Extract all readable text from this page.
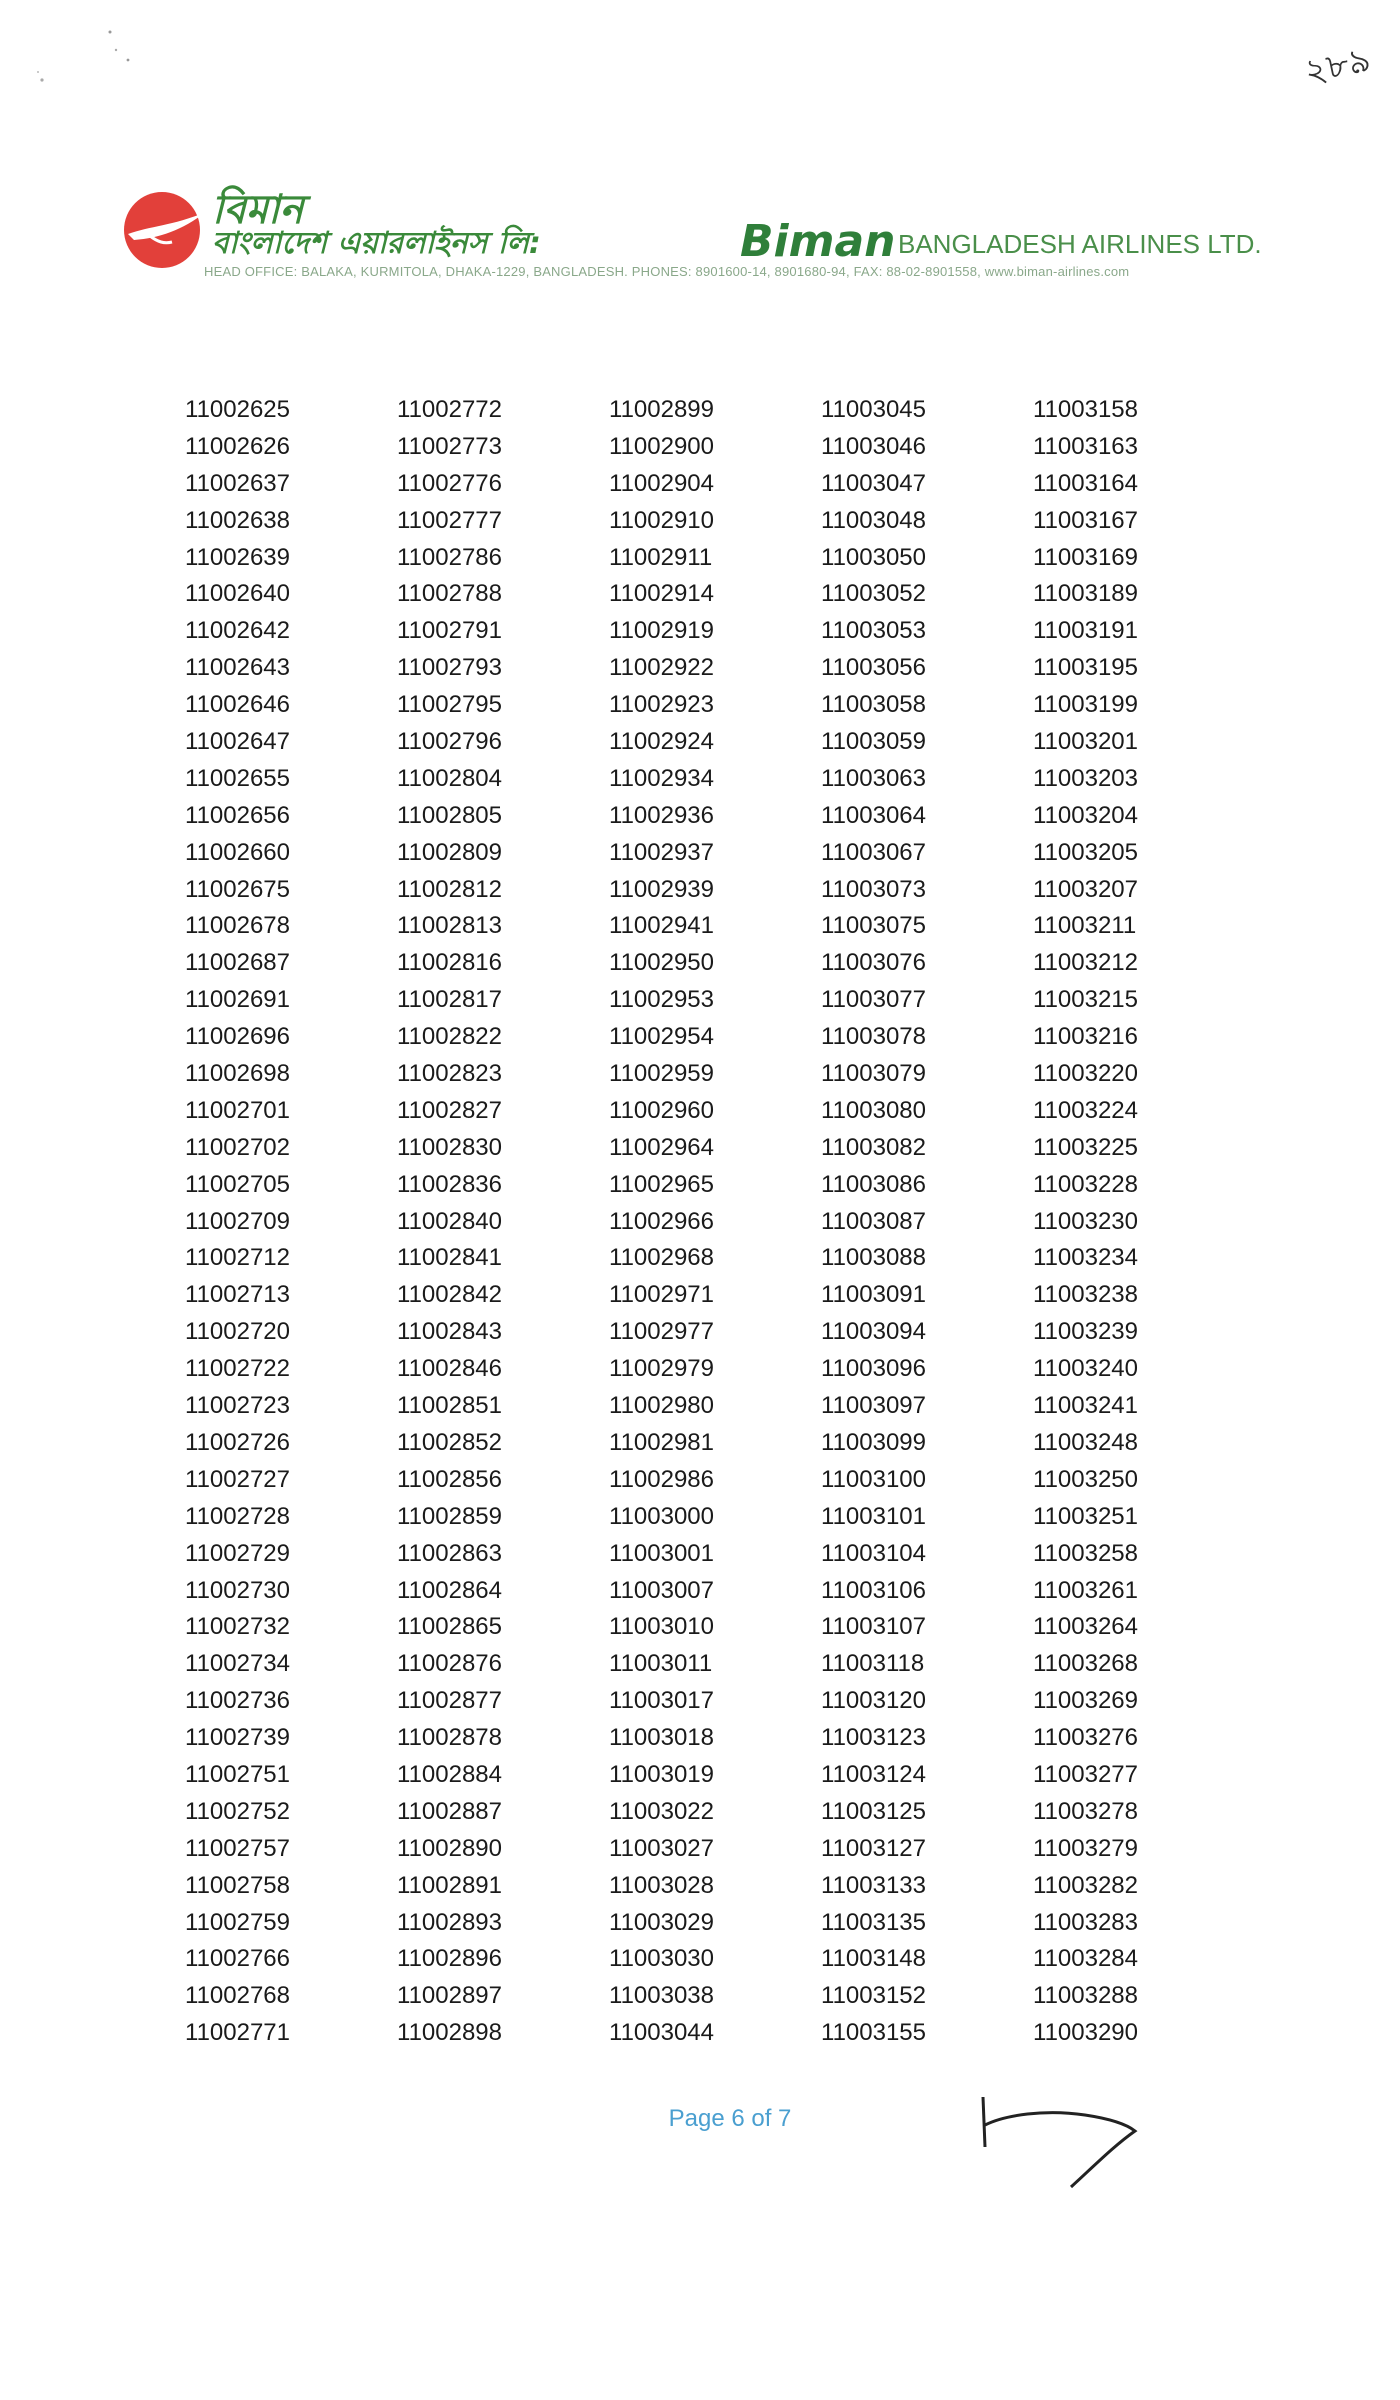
২৮৯
বিমান
বাংলাদেশ এয়ারলাইনস লি:	Biman BANGLADESH AIRLINES LTD.
HEAD OFFICE: BALAKA, KURMITOLA, DHAKA-1229, BANGLADESH. PHONES: 8901600-14, 8901680-94, FAX: 88-02-8901558, www.biman-airlines.com
11002625
11002626
11002637
11002638
11002639
11002640
11002642
11002643
11002646
11002647
11002655
11002656
11002660
11002675
11002678
11002687
11002691
11002696
11002698
11002701
11002702
11002705
11002709
11002712
11002713
11002720
11002722
11002723
11002726
11002727
11002728
11002729
11002730
11002732
11002734
11002736
11002739
11002751
11002752
11002757
11002758
11002759
11002766
11002768
11002771
11002772
11002773
11002776
11002777
11002786
11002788
11002791
11002793
11002795
11002796
11002804
11002805
11002809
11002812
11002813
11002816
11002817
11002822
11002823
11002827
11002830
11002836
11002840
11002841
11002842
11002843
11002846
11002851
11002852
11002856
11002859
11002863
11002864
11002865
11002876
11002877
11002878
11002884
11002887
11002890
11002891
11002893
11002896
11002897
11002898
11002899
11002900
11002904
11002910
11002911
11002914
11002919
11002922
11002923
11002924
11002934
11002936
11002937
11002939
11002941
11002950
11002953
11002954
11002959
11002960
11002964
11002965
11002966
11002968
11002971
11002977
11002979
11002980
11002981
11002986
11003000
11003001
11003007
11003010
11003011
11003017
11003018
11003019
11003022
11003027
11003028
11003029
11003030
11003038
11003044
11003045
11003046
11003047
11003048
11003050
11003052
11003053
11003056
11003058
11003059
11003063
11003064
11003067
11003073
11003075
11003076
11003077
11003078
11003079
11003080
11003082
11003086
11003087
11003088
11003091
11003094
11003096
11003097
11003099
11003100
11003101
11003104
11003106
11003107
11003118
11003120
11003123
11003124
11003125
11003127
11003133
11003135
11003148
11003152
11003155
11003158
11003163
11003164
11003167
11003169
11003189
11003191
11003195
11003199
11003201
11003203
11003204
11003205
11003207
11003211
11003212
11003215
11003216
11003220
11003224
11003225
11003228
11003230
11003234
11003238
11003239
11003240
11003241
11003248
11003250
11003251
11003258
11003261
11003264
11003268
11003269
11003276
11003277
11003278
11003279
11003282
11003283
11003284
11003288
11003290
Page 6 of 7
